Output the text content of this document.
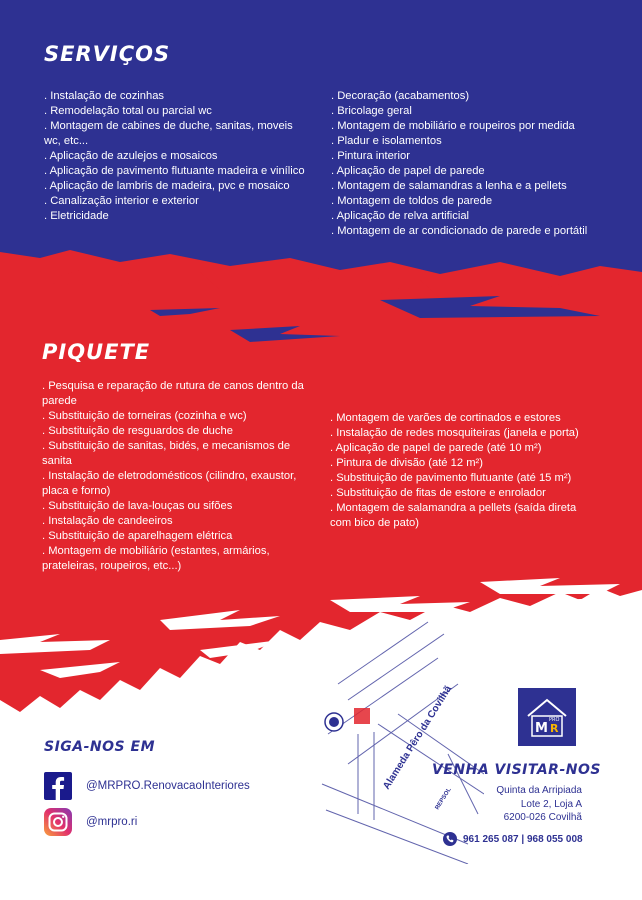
SERVIÇOS
. Instalação de cozinhas
. Remodelação total ou parcial wc
. Montagem de cabines de duche, sanitas, moveis wc, etc...
. Aplicação de azulejos e mosaicos
. Aplicação de pavimento flutuante madeira e vinílico
. Aplicação de lambris de madeira, pvc e mosaico
. Canalização interior e exterior
. Eletricidade
. Decoração (acabamentos)
. Bricolage geral
. Montagem de mobiliário e roupeiros por medida
. Pladur e isolamentos
. Pintura interior
. Aplicação de papel de parede
. Montagem de salamandras a lenha e a pellets
. Montagem de toldos de parede
. Aplicação de relva artificial
. Montagem de ar condicionado de parede e portátil
PIQUETE
. Pesquisa e reparação de rutura de canos dentro da parede
. Substituição de torneiras (cozinha e wc)
. Substituição de resguardos de duche
. Substituição de sanitas, bidés, e mecanismos de sanita
. Instalação de eletrodomésticos (cilindro, exaustor, placa e forno)
. Substituição de lava-louças ou sifões
. Instalação de candeeiros
. Substituição de aparelhagem elétrica
. Montagem de mobiliário (estantes, armários, prateleiras, roupeiros, etc...)
. Montagem de varões de cortinados e estores
. Instalação de redes mosquiteiras (janela e porta)
. Aplicação de papel de parede (até 10 m²)
. Pintura de divisão (até 12 m²)
. Substituição de pavimento flutuante (até 15 m²)
. Substituição de fitas de estore e enrolador
. Montagem de salamandra a pellets (saída direta com bico de pato)
Alameda Pêro da Covilhã
REPSOL
M R
PRO
SIGA-NOS EM
@MRPRO.RenovacaoInteriores
@mrpro.ri
VENHA VISITAR-NOS
Quinta da Arripiada
Lote 2, Loja A
6200-026 Covilhã
961 265 087 | 968 055 008
